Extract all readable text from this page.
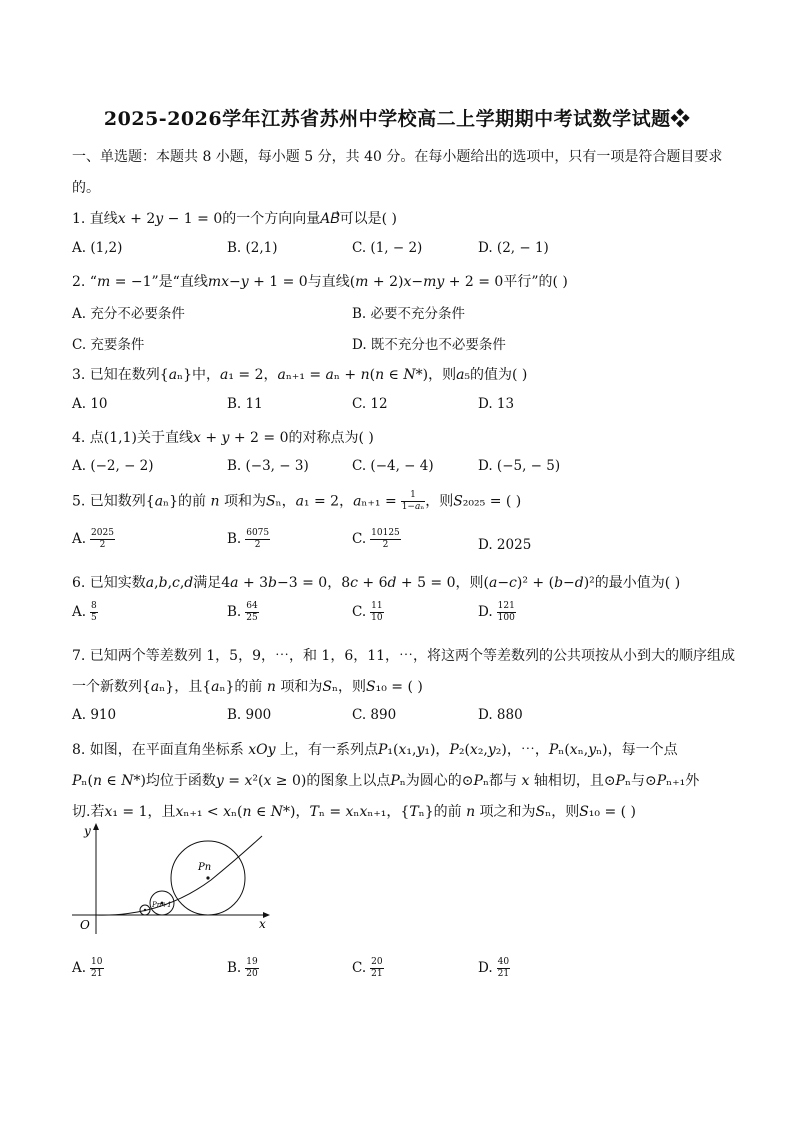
2025-2026学年江苏省苏州中学校高二上学期期中考试数学试题❖
一、单选题：本题共 8 小题，每小题 5 分，共 40 分。在每小题给出的选项中，只有一项是符合题目要求
的。
1. 直线𝑥 + 2𝑦 − 1 = 0的一个方向向量𝐴𝐵⃗可以是( )
A. (1,2)	B. (2,1)	C. (1, − 2)	D. (2, − 1)
2. “𝑚 = −1”是“直线𝑚𝑥−𝑦 + 1 = 0与直线(𝑚 + 2)𝑥−𝑚𝑦 + 2 = 0平行”的( )
A. 充分不必要条件	B. 必要不充分条件
C. 充要条件	D. 既不充分也不必要条件
3. 已知在数列{𝑎ₙ}中，𝑎₁ = 2，𝑎ₙ₊₁ = 𝑎ₙ + 𝑛(𝑛 ∈ 𝑁*)，则𝑎₅的值为( )
A. 10	B. 11	C. 12	D. 13
4. 点(1,1)关于直线𝑥 + 𝑦 + 2 = 0的对称点为( )
A. (−2, − 2)	B. (−3, − 3)	C. (−4, − 4)	D. (−5, − 5)
5. 已知数列{𝑎ₙ}的前 𝑛 项和为𝑆ₙ，𝑎₁ = 2，𝑎ₙ₊₁ = $\frac{1}{\text{1−𝑎ₙ}}$ ，则𝑆₂₀₂₅ = ( )
A. $\frac{2025}{2}$	B. $\frac{6075}{2}$	C. $\frac{10125}{2}$	D. 2025
6. 已知实数𝑎,𝑏,𝑐,𝑑满足4𝑎 + 3𝑏−3 = 0，8𝑐 + 6𝑑 + 5 = 0，则(𝑎−𝑐)² + (𝑏−𝑑)²的最小值为( )
A. $\frac{8}{5}$	B. $\frac{64}{25}$	C. $\frac{11}{10}$	D. $\frac{121}{100}$
7. 已知两个等差数列 1，5，9，⋯，和 1，6，11，⋯，将这两个等差数列的公共项按从小到大的顺序组成
一个新数列{𝑎ₙ}，且{𝑎ₙ}的前 𝑛 项和为𝑆ₙ，则𝑆₁₀ = ( )
A. 910	B. 900	C. 890	D. 880
8. 如图，在平面直角坐标系 𝑥𝑂𝑦 上，有一系列点𝑃₁(𝑥₁,𝑦₁)，𝑃₂(𝑥₂,𝑦₂)，⋯，𝑃ₙ(𝑥ₙ,𝑦ₙ)，每一个点
𝑃ₙ(𝑛 ∈ 𝑁*)均位于函数𝑦 = 𝑥²(𝑥 ≥ 0)的图象上以点𝑃ₙ为圆心的⊙𝑃ₙ都与 𝑥 轴相切，且⊙𝑃ₙ与⊙𝑃ₙ₊₁外
切.若𝑥₁ = 1，且𝑥ₙ₊₁ < 𝑥ₙ(𝑛 ∈ 𝑁*)，𝑇ₙ = 𝑥ₙ𝑥ₙ₊₁，{𝑇ₙ}的前 𝑛 项之和为𝑆ₙ，则𝑆₁₀ = ( )
y
x
O
Pn
Pn+1
A. $\frac{10}{21}$	B. $\frac{19}{20}$	C. $\frac{20}{21}$	D. $\frac{40}{21}$
